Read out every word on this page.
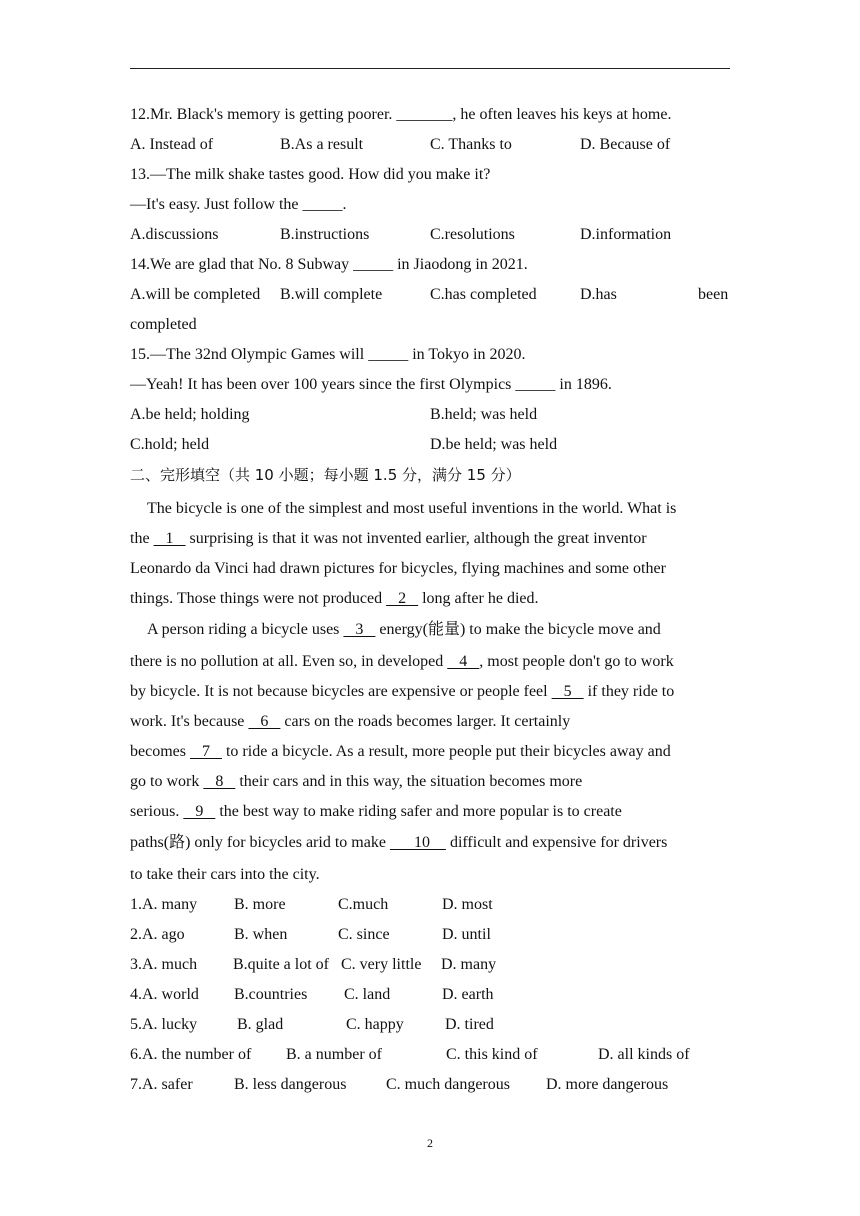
12.Mr. Black's memory is getting poorer. _______, he often leaves his keys at home.
A. Instead of	B.As a result	C. Thanks to	D. Because of
13.—The milk shake tastes good. How did you make it?
—It's easy. Just follow the _____.
A.discussions	B.instructions	C.resolutions	D.information
14.We are glad that No. 8 Subway _____ in Jiaodong in 2021.
A.will be completed B.will complete	C.has completed	D.has	been
completed
15.—The 32nd Olympic Games will _____ in Tokyo in 2020.
—Yeah! It has been over 100 years since the first Olympics _____ in 1896.
A.be held; holding	B.held; was held
C.hold; held	D.be held; was held
二、完形填空（共 10 小题；每小题 1.5 分，满分 15 分）
The bicycle is one of the simplest and most useful inventions in the world. What is
the    1    surprising is that it was not invented earlier, although the great inventor
Leonardo da Vinci had drawn pictures for bicycles, flying machines and some other
things. Those things were not produced    2    long after he died.
A person riding a bicycle uses    3    energy(能量) to make the bicycle move and
there is no pollution at all. Even so, in developed    4   , most people don't go to work
by bicycle. It is not because bicycles are expensive or people feel    5    if they ride to
work. It's because    6    cars on the roads becomes larger. It certainly
becomes    7    to ride a bicycle. As a result, more people put their bicycles away and
go to work    8    their cars and in this way, the situation becomes more
serious.    9    the best way to make riding safer and more popular is to create
paths(路) only for bicycles arid to make       10     difficult and expensive for drivers
to take their cars into the city.
1.A. many B. more	C.much	D. most
2.A. ago	B. when	C. since	D. until
3.A. much B.quite a lot of C. very little D. many
4.A. world B.countries C. land	D. earth
5.A. lucky B. glad	C. happy	D. tired
6.A. the number of B. a number of	C. this kind of	D. all kinds of
7.A. safer	B. less dangerous C. much dangerous D. more dangerous
2
